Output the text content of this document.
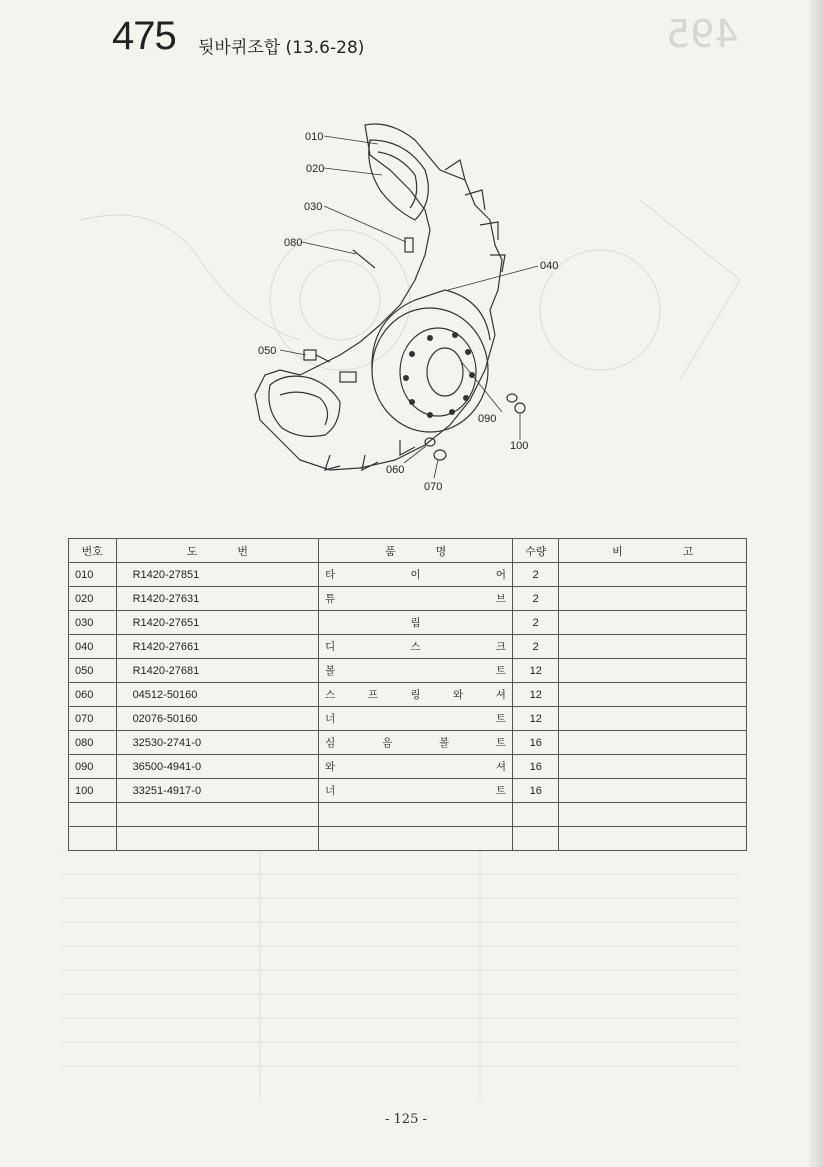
495
475 뒷바퀴조합 (13.6-28)
010
020
030
080
040
050
090
100
060
070
번호	도 번	품 명	수량	비 고

010	R1420-27851	타 이 어	2	
020	R1420-27631	튜 브	2	
030	R1420-27651	림	2	
040	R1420-27661	디 스 크	2	
050	R1420-27681	볼 트	12	
060	04512-50160	스 프 링 와 셔	12	
070	02076-50160	너 트	12	
080	32530-2741-0	심 음 볼 트	16	
090	36500-4941-0	와 셔	16	
100	33251-4917-0	너 트	16	

- 125 -
